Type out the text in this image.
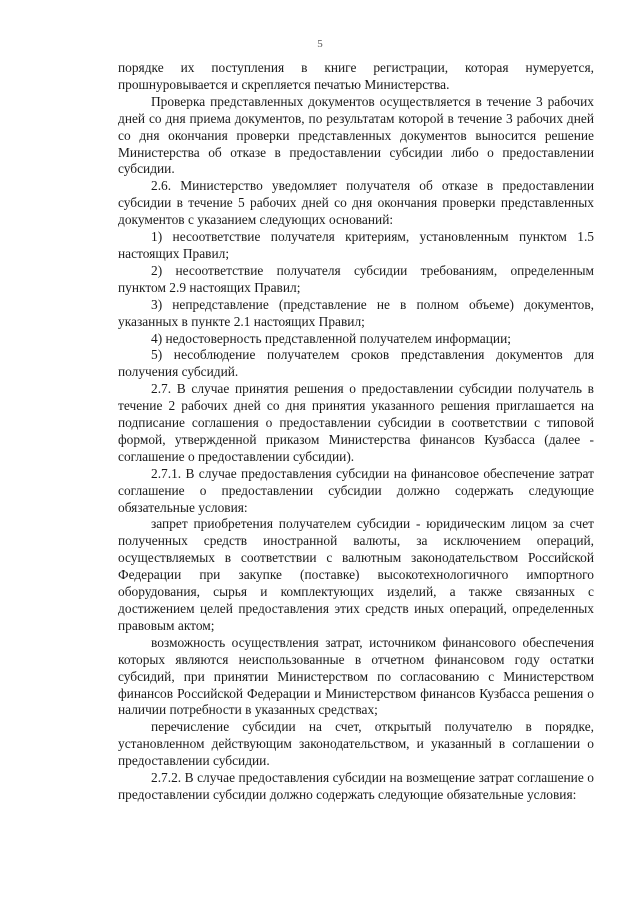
5

порядке их поступления в книге регистрации, которая нумеруется, прошнуровывается и скрепляется печатью Министерства.

Проверка представленных документов осуществляется в течение 3 рабочих дней со дня приема документов, по результатам которой в течение 3 рабочих дней со дня окончания проверки представленных документов выносится решение Министерства об отказе в предоставлении субсидии либо о предоставлении субсидии.

2.6. Министерство уведомляет получателя об отказе в предоставлении субсидии в течение 5 рабочих дней со дня окончания проверки представленных документов с указанием следующих оснований:

1) несоответствие получателя критериям, установленным пунктом 1.5 настоящих Правил;

2) несоответствие получателя субсидии требованиям, определенным пунктом 2.9 настоящих Правил;

3) непредставление (представление не в полном объеме) документов, указанных в пункте 2.1 настоящих Правил;

4) недостоверность представленной получателем информации;

5) несоблюдение получателем сроков представления документов для получения субсидий.

2.7. В случае принятия решения о предоставлении субсидии получатель в течение 2 рабочих дней со дня принятия указанного решения приглашается на подписание соглашения о предоставлении субсидии в соответствии с типовой формой, утвержденной приказом Министерства финансов Кузбасса (далее - соглашение о предоставлении субсидии).

2.7.1. В случае предоставления субсидии на финансовое обеспечение затрат соглашение о предоставлении субсидии должно содержать следующие обязательные условия:

запрет приобретения получателем субсидии - юридическим лицом за счет полученных средств иностранной валюты, за исключением операций, осуществляемых в соответствии с валютным законодательством Российской Федерации при закупке (поставке) высокотехнологичного импортного оборудования, сырья и комплектующих изделий, а также связанных с достижением целей предоставления этих средств иных операций, определенных правовым актом;

возможность осуществления затрат, источником финансового обеспечения которых являются неиспользованные в отчетном финансовом году остатки субсидий, при принятии Министерством по согласованию с Министерством финансов Российской Федерации и Министерством финансов Кузбасса решения о наличии потребности в указанных средствах;

перечисление субсидии на счет, открытый получателю в порядке, установленном действующим законодательством, и указанный в соглашении о предоставлении субсидии.

2.7.2. В случае предоставления субсидии на возмещение затрат соглашение о предоставлении субсидии должно содержать следующие обязательные условия:
